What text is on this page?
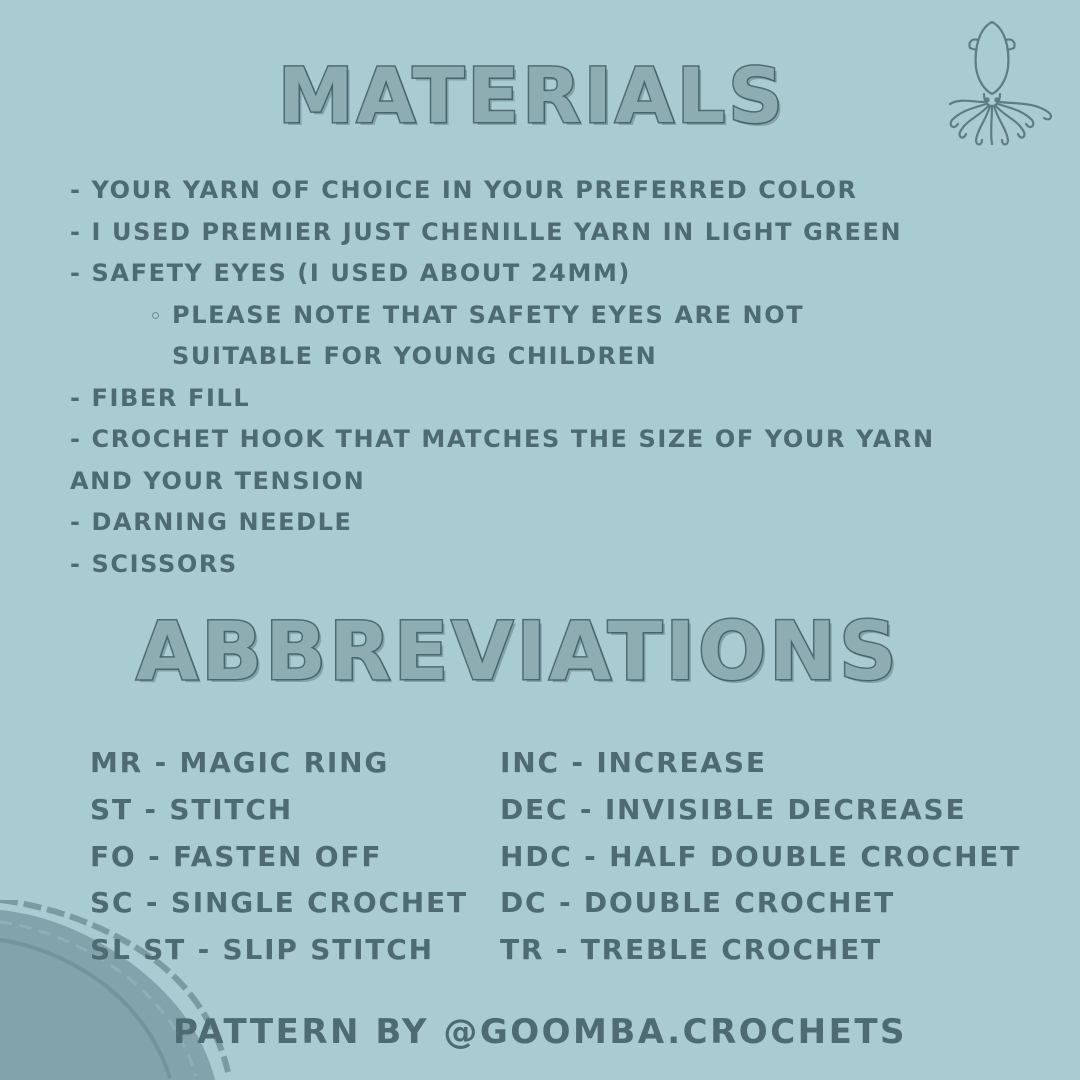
MATERIALS
- YOUR YARN OF CHOICE IN YOUR PREFERRED COLOR
- I USED PREMIER JUST CHENILLE YARN IN LIGHT GREEN
- SAFETY EYES (I USED ABOUT 24MM)
PLEASE NOTE THAT SAFETY EYES ARE NOT SUITABLE FOR YOUNG CHILDREN
- FIBER FILL
- CROCHET HOOK THAT MATCHES THE SIZE OF YOUR YARN AND YOUR TENSION
- DARNING NEEDLE
- SCISSORS
ABBREVIATIONS
MR - MAGIC RING
ST - STITCH
FO - FASTEN OFF
SC - SINGLE CROCHET
SL ST - SLIP STITCH
INC - INCREASE
DEC - INVISIBLE DECREASE
HDC - HALF DOUBLE CROCHET
DC - DOUBLE CROCHET
TR - TREBLE CROCHET
PATTERN BY @GOOMBA.CROCHETS
